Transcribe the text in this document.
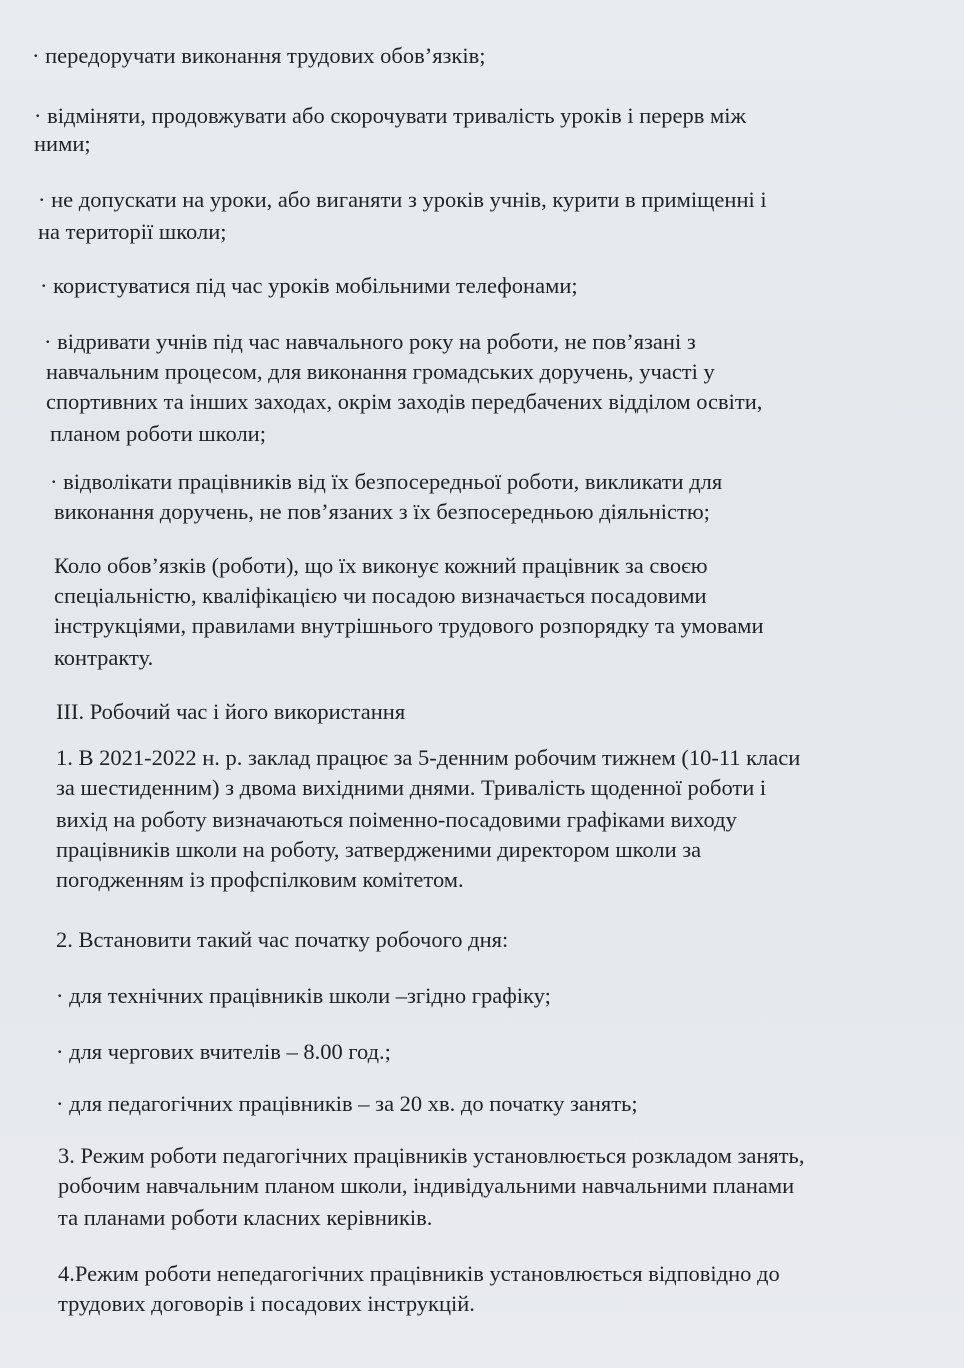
· передоручати виконання трудових обов’язків;
· відміняти, продовжувати або скорочувати тривалість уроків і перерв між
ними;
· не допускати на уроки, або виганяти з уроків учнів, курити в приміщенні і
на території школи;
· користуватися під час уроків мобільними телефонами;
· відривати учнів під час навчального року на роботи, не пов’язані з
навчальним процесом, для виконання громадських доручень, участі у
спортивних та інших заходах, окрім заходів передбачених відділом освіти,
планом роботи школи;
· відволікати працівників від їх безпосередньої роботи, викликати для
виконання доручень, не пов’язаних з їх безпосередньою діяльністю;
Коло обов’язків (роботи), що їх виконує кожний працівник за своєю
спеціальністю, кваліфікацією чи посадою визначається посадовими
інструкціями, правилами внутрішнього трудового розпорядку та умовами
контракту.
ІІІ. Робочий час і його використання
1. В 2021-2022 н. р. заклад працює за 5-денним робочим тижнем (10-11 класи
за шестиденним) з двома вихідними днями. Тривалість щоденної роботи і
вихід на роботу визначаються поіменно-посадовими графіками виходу
працівників школи на роботу, затвердженими директором школи за
погодженням із профспілковим комітетом.
2. Встановити такий час початку робочого дня:
· для технічних працівників школи –згідно графіку;
· для чергових вчителів – 8.00 год.;
· для педагогічних працівників – за 20 хв. до початку занять;
3. Режим роботи педагогічних працівників установлюється розкладом занять,
робочим навчальним планом школи, індивідуальними навчальними планами
та планами роботи класних керівників.
4.Режим роботи непедагогічних працівників установлюється відповідно до
трудових договорів і посадових інструкцій.
